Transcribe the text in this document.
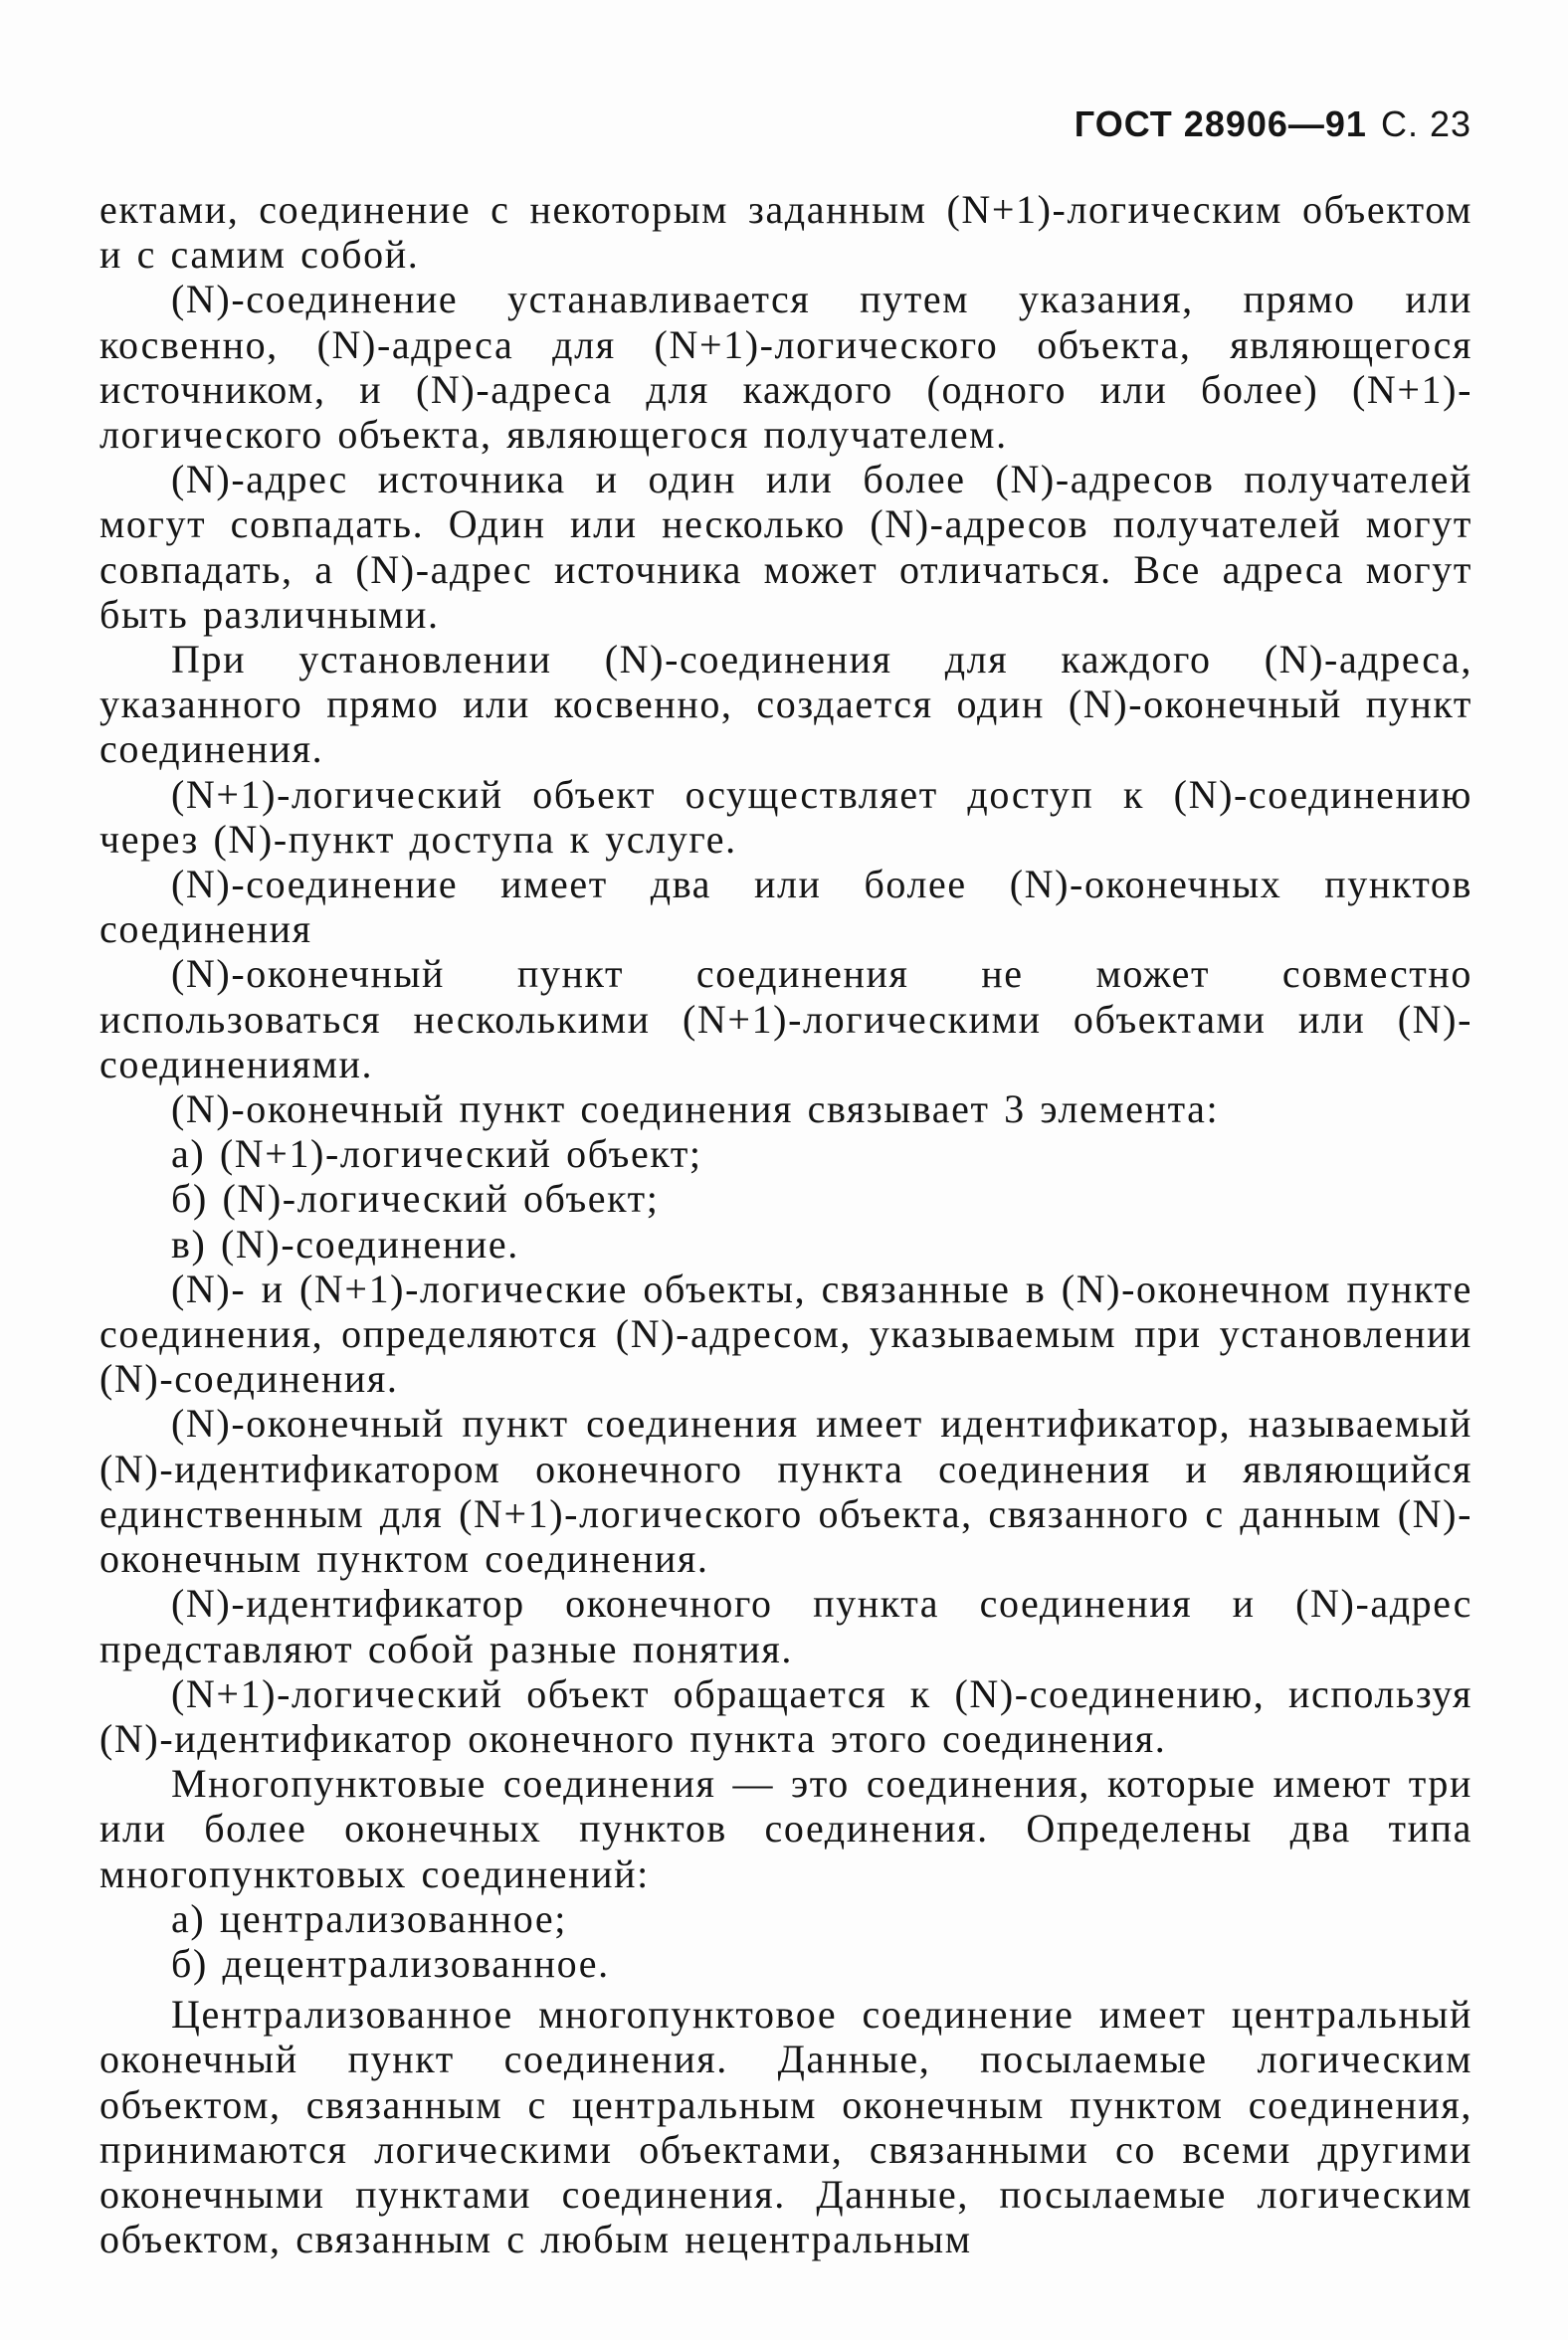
ГОСТ 28906—91 С. 23

ектами, соединение с некоторым заданным (N+1)-логическим объектом и с самим собой.

(N)-соединение устанавливается путем указания, прямо или косвенно, (N)-адреса для (N+1)-логического объекта, являющегося источником, и (N)-адреса для каждого (одного или более) (N+1)-логического объекта, являющегося получателем.

(N)-адрес источника и один или более (N)-адресов получателей могут совпадать. Один или несколько (N)-адресов получателей могут совпадать, а (N)-адрес источника может отличаться. Все адреса могут быть различными.

При установлении (N)-соединения для каждого (N)-адреса, указанного прямо или косвенно, создается один (N)-оконечный пункт соединения.

(N+1)-логический объект осуществляет доступ к (N)-соединению через (N)-пункт доступа к услуге.

(N)-соединение имеет два или более (N)-оконечных пунктов соединения

(N)-оконечный пункт соединения не может совместно использоваться несколькими (N+1)-логическими объектами или (N)-соединениями.

(N)-оконечный пункт соединения связывает 3 элемента:

а) (N+1)-логический объект;

б) (N)-логический объект;

в) (N)-соединение.

(N)- и (N+1)-логические объекты, связанные в (N)-оконечном пункте соединения, определяются (N)-адресом, указываемым при установлении (N)-соединения.

(N)-оконечный пункт соединения имеет идентификатор, называемый (N)-идентификатором оконечного пункта соединения и являющийся единственным для (N+1)-логического объекта, связанного с данным (N)-оконечным пунктом соединения.

(N)-идентификатор оконечного пункта соединения и (N)-адрес представляют собой разные понятия.

(N+1)-логический объект обращается к (N)-соединению, используя (N)-идентификатор оконечного пункта этого соединения.

Многопунктовые соединения — это соединения, которые имеют три или более оконечных пунктов соединения. Определены два типа многопунктовых соединений:

а) централизованное;

б) децентрализованное.

Централизованное многопунктовое соединение имеет центральный оконечный пункт соединения. Данные, посылаемые логическим объектом, связанным с центральным оконечным пунктом соединения, принимаются логическими объектами, связанными со всеми другими оконечными пунктами соединения. Данные, посылаемые логическим объектом, связанным с любым нецентральным
